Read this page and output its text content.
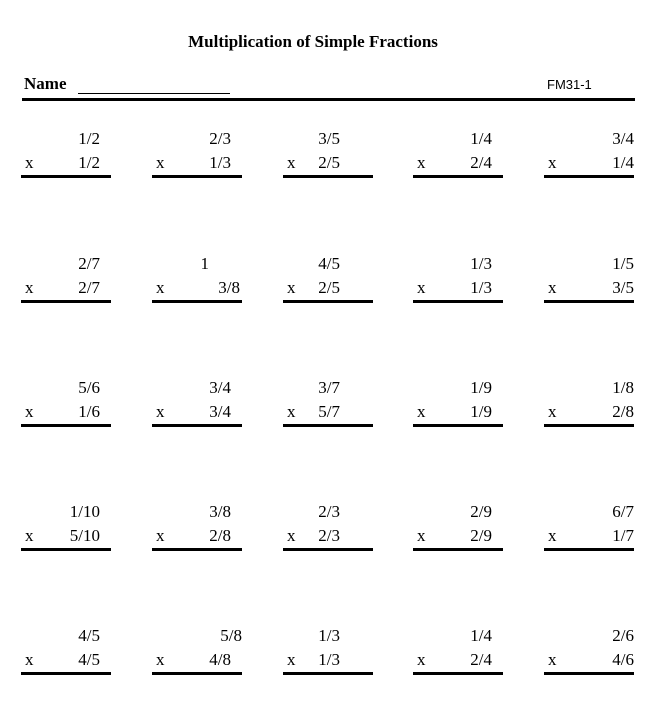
Multiplication of Simple Fractions
Name	FM31-1
1/2
x	1/2
2/3
x	1/3
3/5
x 2/5
1/4
x	2/4
3/4
x	1/4
2/7
x	2/7
1
x	3/8
4/5
x 2/5
1/3
x	1/3
1/5
x	3/5
5/6
x	1/6
3/4
x	3/4
3/7
x 5/7
1/9
x	1/9
1/8
x	2/8
1/10
x 5/10
3/8
x	2/8
2/3
x 2/3
2/9
x	2/9
6/7
x	1/7
4/5
x	4/5
5/8
x	4/8
1/3
x 1/3
1/4
x	2/4
2/6
x	4/6
